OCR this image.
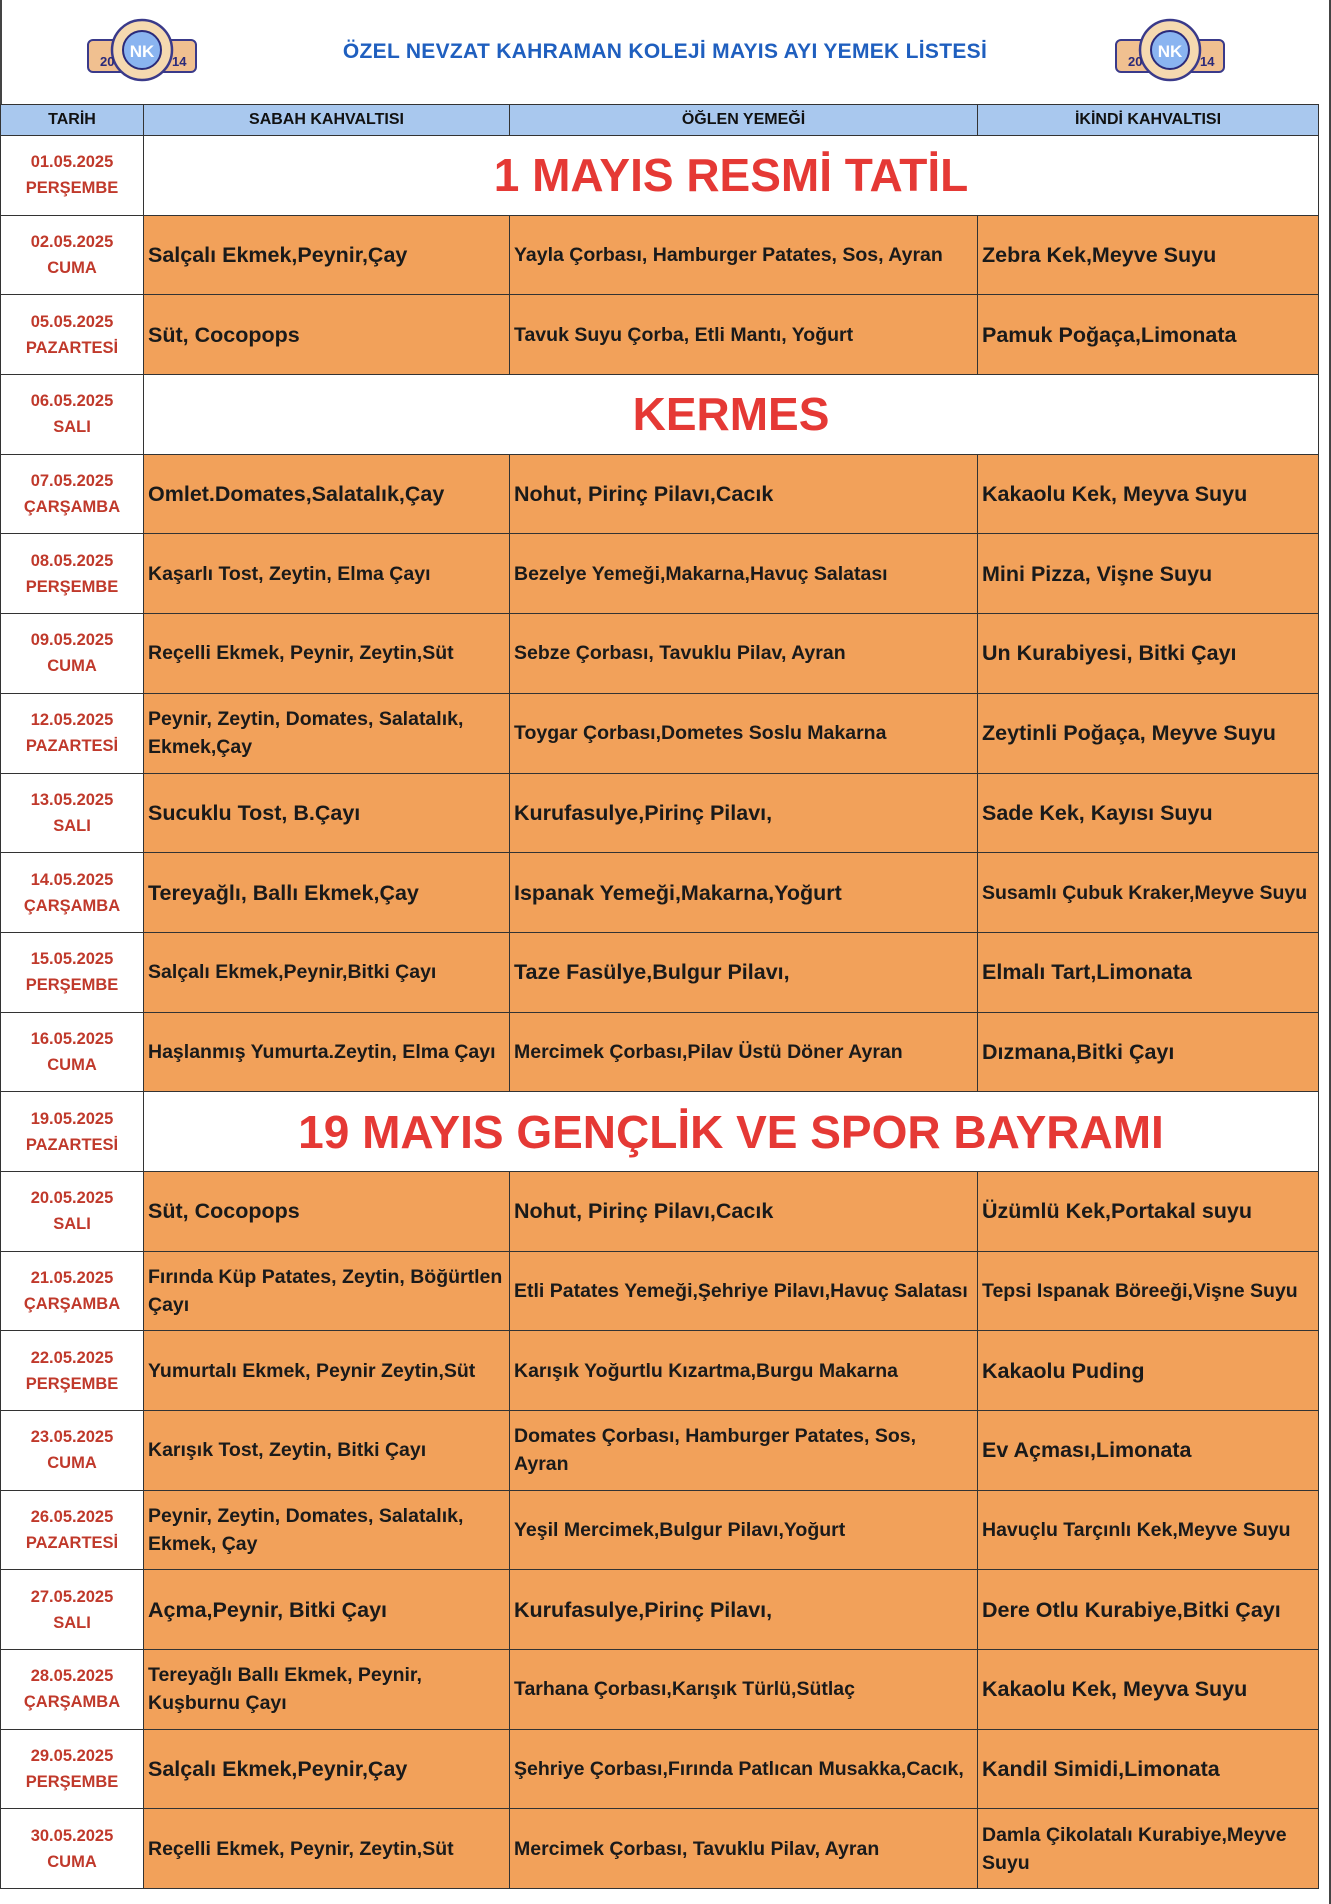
NK
20	14	ÖZEL NEVZAT KAHRAMAN KOLEJİ MAYIS AYI YEMEK LİSTESİ	NK
20	14
TARİH	SABAH KAHVALTISI	ÖĞLEN YEMEĞİ	İKİNDİ KAHVALTISI

01.05.2025
PERŞEMBE	1 MAYIS RESMİ TATİL		

02.05.2025
CUMA	Salçalı Ekmek,Peynir,Çay	Yayla Çorbası, Hamburger Patates, Sos, Ayran	Zebra Kek,Meyve Suyu

05.05.2025
PAZARTESİ	Süt, Cocopops	Tavuk Suyu Çorba, Etli Mantı, Yoğurt	Pamuk Poğaça,Limonata

06.05.2025
SALI	KERMES		

07.05.2025
ÇARŞAMBA	Omlet.Domates,Salatalık,Çay	Nohut, Pirinç Pilavı,Cacık	Kakaolu Kek, Meyva Suyu

08.05.2025
PERŞEMBE	Kaşarlı Tost, Zeytin, Elma Çayı	Bezelye Yemeği,Makarna,Havuç Salatası	Mini Pizza, Vişne Suyu

09.05.2025
CUMA	Reçelli Ekmek, Peynir, Zeytin,Süt	Sebze Çorbası, Tavuklu Pilav, Ayran	Un Kurabiyesi, Bitki Çayı

12.05.2025
PAZARTESİ	Peynir, Zeytin, Domates, Salatalık, Ekmek,Çay	Toygar Çorbası,Dometes Soslu Makarna	Zeytinli Poğaça, Meyve Suyu

13.05.2025
SALI	Sucuklu Tost, B.Çayı	Kurufasulye,Pirinç Pilavı,	Sade Kek, Kayısı Suyu

14.05.2025
ÇARŞAMBA	Tereyağlı, Ballı Ekmek,Çay	Ispanak Yemeği,Makarna,Yoğurt	Susamlı Çubuk Kraker,Meyve Suyu

15.05.2025
PERŞEMBE	Salçalı Ekmek,Peynir,Bitki Çayı	Taze Fasülye,Bulgur Pilavı,	Elmalı Tart,Limonata

16.05.2025
CUMA	Haşlanmış Yumurta.Zeytin, Elma Çayı	Mercimek Çorbası,Pilav Üstü Döner Ayran	Dızmana,Bitki Çayı

19.05.2025
PAZARTESİ	19 MAYIS GENÇLİK VE SPOR BAYRAMI		

20.05.2025
SALI	Süt, Cocopops	Nohut, Pirinç Pilavı,Cacık	Üzümlü Kek,Portakal suyu

21.05.2025
ÇARŞAMBA	Fırında Küp Patates, Zeytin, Böğürtlen Çayı	Etli Patates Yemeği,Şehriye Pilavı,Havuç Salatası	Tepsi Ispanak Böreeği,Vişne Suyu

22.05.2025
PERŞEMBE	Yumurtalı Ekmek, Peynir Zeytin,Süt	Karışık Yoğurtlu Kızartma,Burgu Makarna	Kakaolu Puding

23.05.2025
CUMA	Karışık Tost, Zeytin, Bitki Çayı	Domates Çorbası, Hamburger Patates, Sos, Ayran	Ev Açması,Limonata

26.05.2025
PAZARTESİ	Peynir, Zeytin, Domates, Salatalık, Ekmek, Çay	Yeşil Mercimek,Bulgur Pilavı,Yoğurt	Havuçlu Tarçınlı Kek,Meyve Suyu

27.05.2025
SALI	Açma,Peynir, Bitki Çayı	Kurufasulye,Pirinç Pilavı,	Dere Otlu Kurabiye,Bitki Çayı

28.05.2025
ÇARŞAMBA	Tereyağlı Ballı Ekmek, Peynir, Kuşburnu Çayı	Tarhana Çorbası,Karışık Türlü,Sütlaç	Kakaolu Kek, Meyva Suyu

29.05.2025
PERŞEMBE	Salçalı Ekmek,Peynir,Çay	Şehriye Çorbası,Fırında Patlıcan Musakka,Cacık,	Kandil Simidi,Limonata

30.05.2025
CUMA	Reçelli Ekmek, Peynir, Zeytin,Süt	Mercimek Çorbası, Tavuklu Pilav, Ayran	Damla Çikolatalı Kurabiye,Meyve Suyu
